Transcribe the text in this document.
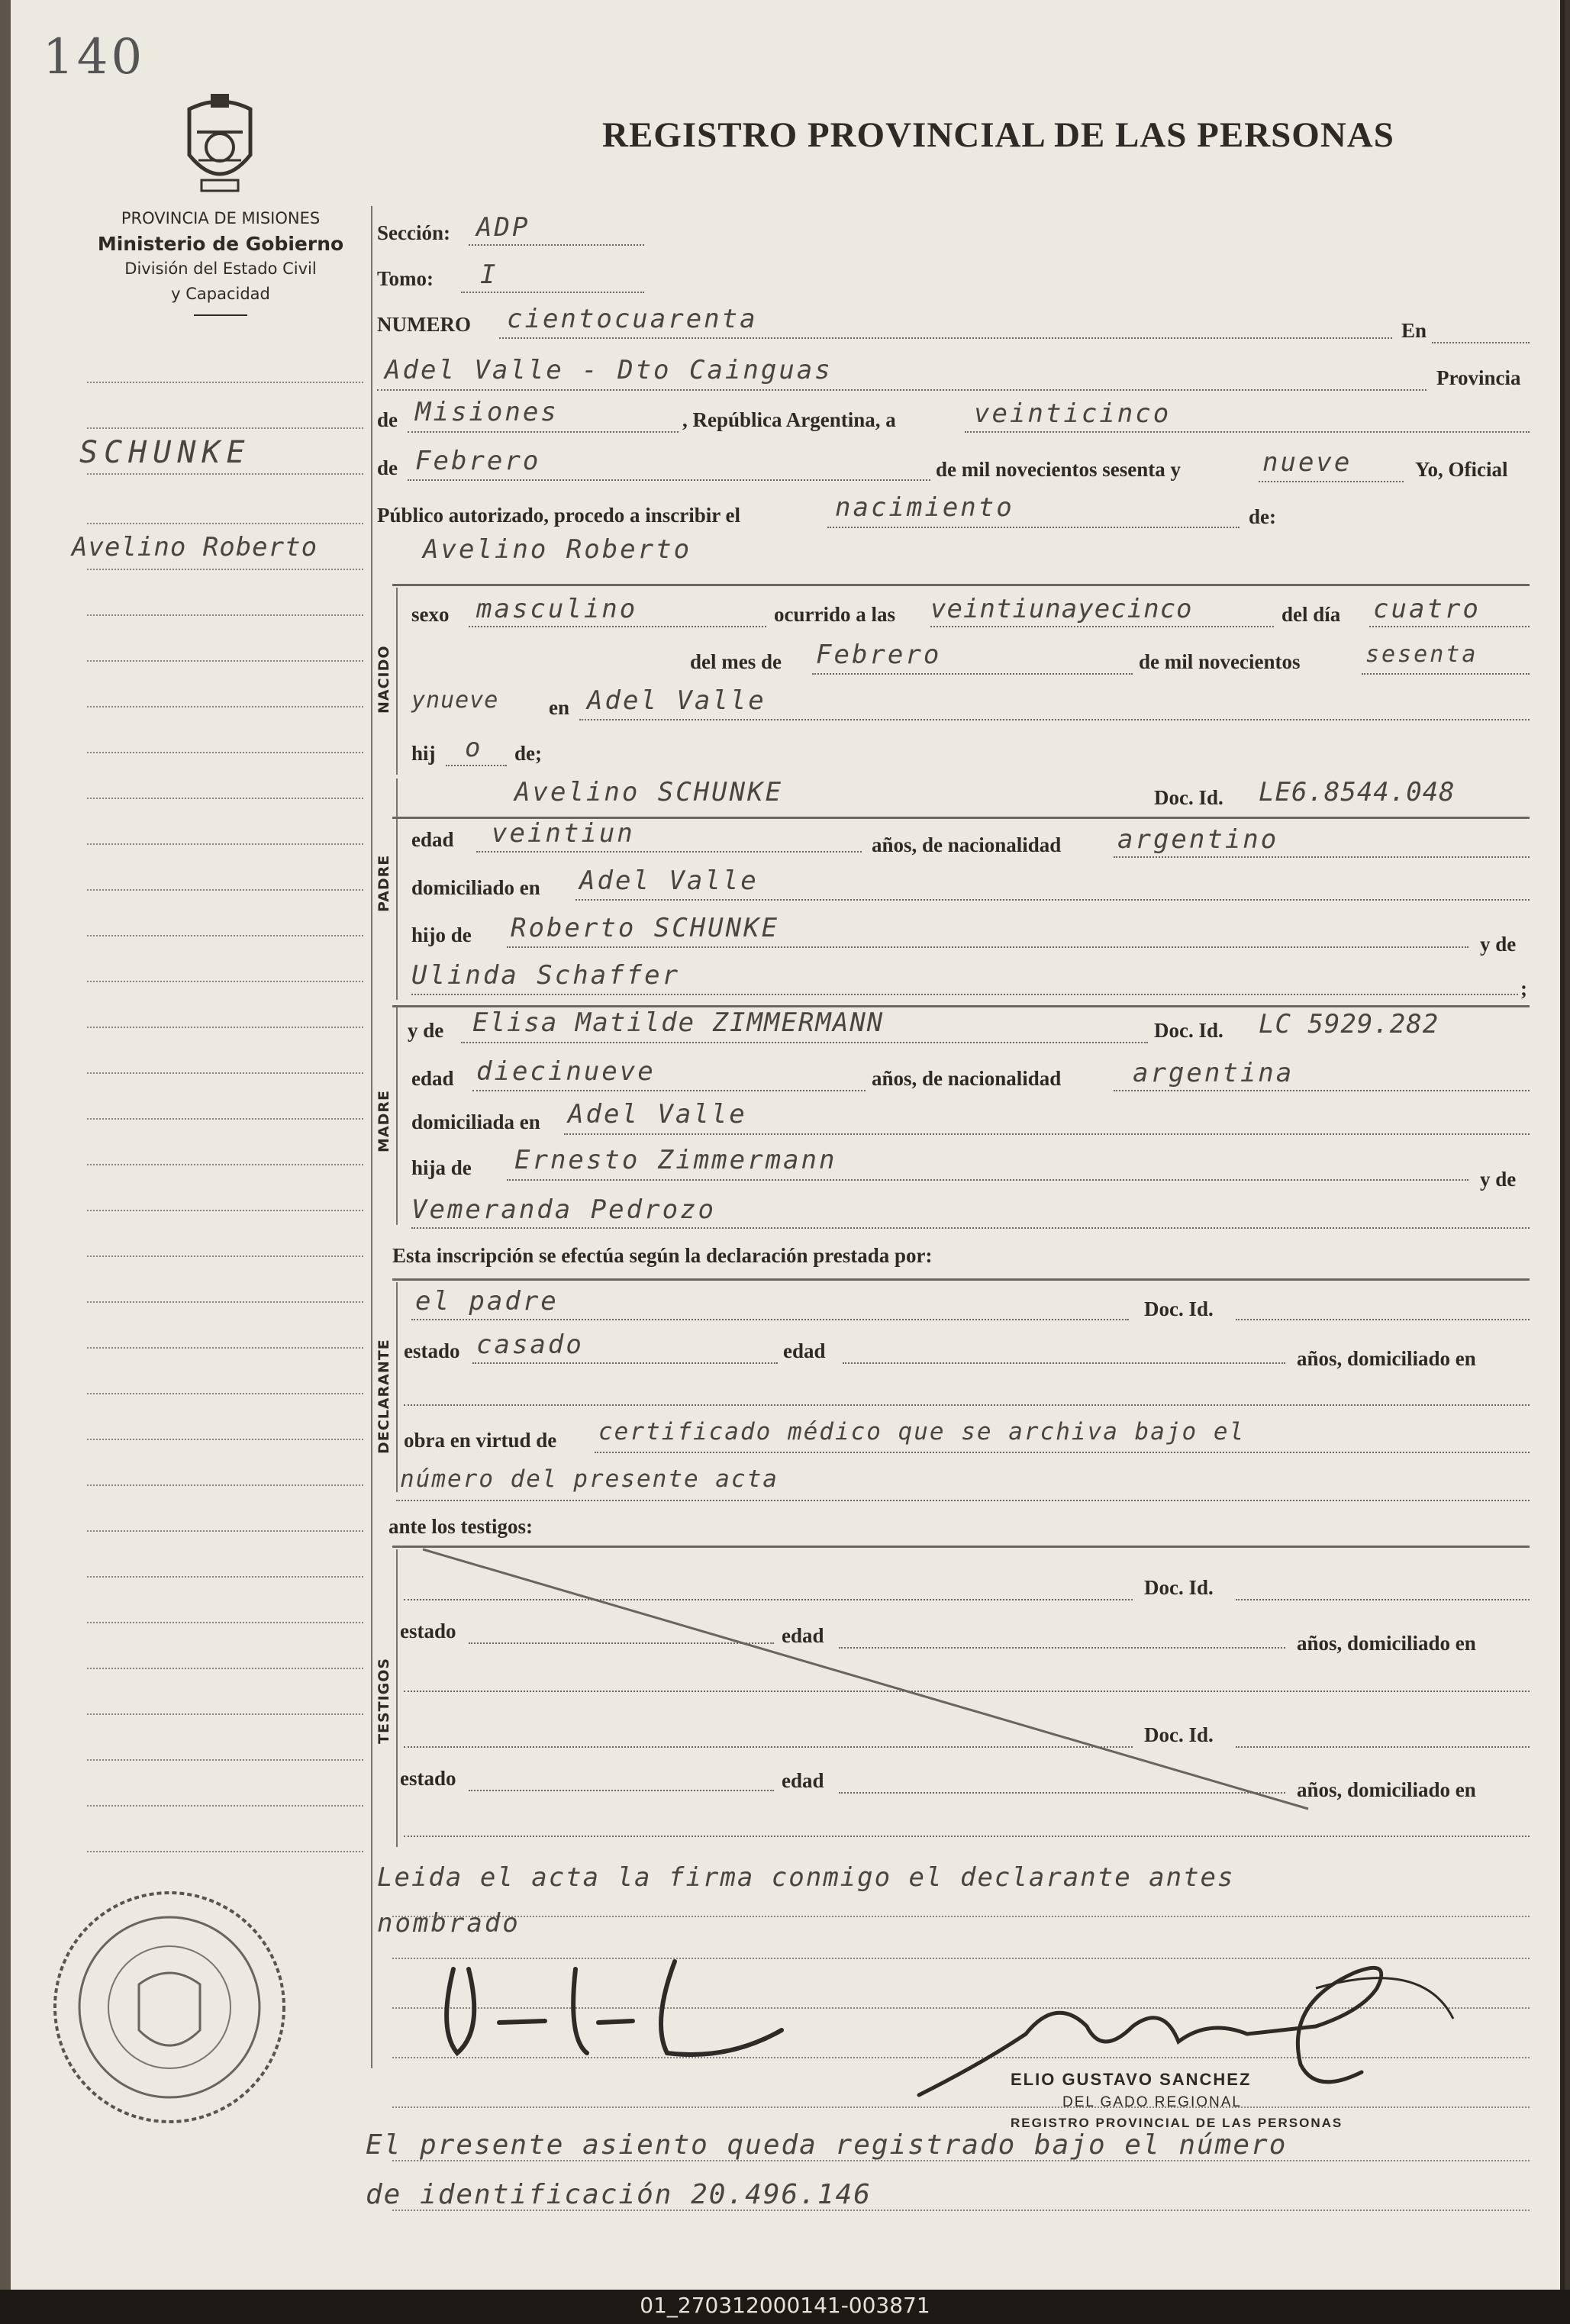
140
REGISTRO PROVINCIAL DE LAS PERSONAS
PROVINCIA DE MISIONES
Ministerio de Gobierno
División del Estado Civil
y Capacidad
SCHUNKE
Avelino Roberto
Sección: ADP
Tomo: I
NUMERO cientocuarenta	En
Adel Valle - Dto Cainguas	Provincia
de Misiones	, República Argentina, a	veinticinco
de Febrero	de mil novecientos sesenta y	nueve	Yo, Oficial
Público autorizado, procedo a inscribir el	nacimiento	de:
Avelino Roberto
NACIDO
sexo masculino	ocurrido a las veintiunayecinco	del día cuatro
del mes de Febrero	de mil novecientos	sesenta
ynueve en Adel Valle
hij o de;
PADRE
Avelino SCHUNKE	Doc. Id. LE6.8544.048
edad veintiun	años, de nacionalidad argentino
domiciliado en Adel Valle
hijo de Roberto SCHUNKE
y de
Ulinda Schaffer	;
MADRE
y de Elisa Matilde ZIMMERMANN	Doc. Id. LC 5929.282
edad diecinueve	años, de nacionalidad	argentina
domiciliada en Adel Valle
hija de Ernesto Zimmermann
y de
Vemeranda Pedrozo
Esta inscripción se efectúa según la declaración prestada por:
DECLARANTE
el padre	Doc. Id.
estado casado	edad	años, domiciliado en
obra en virtud de certificado médico que se archiva bajo el
número del presente acta
ante los testigos:
TESTIGOS
Doc. Id.
estado	edad	años, domiciliado en
Doc. Id.
estado	edad	años, domiciliado en
Leida el acta la firma conmigo el declarante antes
nombrado
ELIO GUSTAVO SANCHEZ
DEL GADO REGIONAL
REGISTRO PROVINCIAL DE LAS PERSONAS
El presente asiento queda registrado bajo el número
de identificación 20.496.146
01_270312000141-003871
